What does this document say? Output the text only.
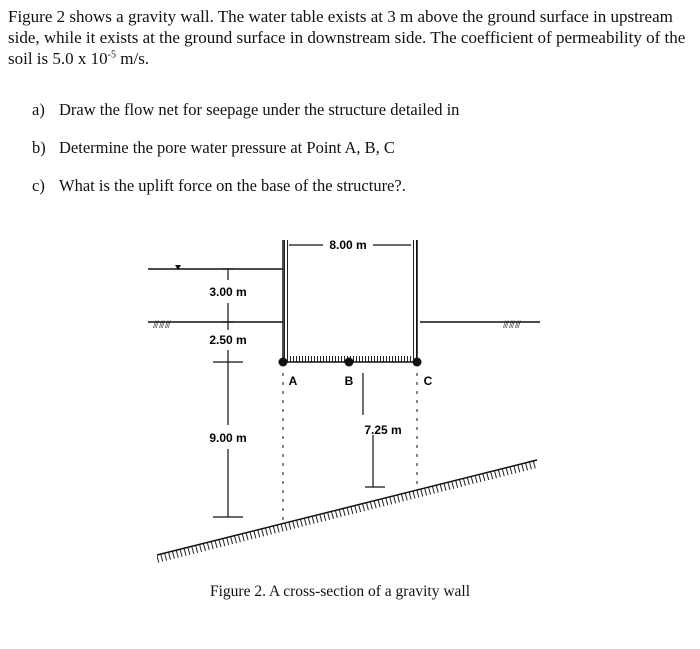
Figure 2 shows a gravity wall. The water table exists at 3 m above the ground surface in upstream side, while it exists at the ground surface in downstream side. The coefficient of permeability of the soil is 5.0 x $10^{-5}$ m/s.

a) Draw the flow net for seepage under the structure detailed in
b) Determine the pore water pressure at Point A, B, C
c) What is the uplift force on the base of the structure?.
⫻⫻⫻	⫻⫻⫻
8.00 m
3.00 m
2.50 m
9.00 m
A	B	C
7.25 m
Figure 2. A cross-section of a gravity wall
